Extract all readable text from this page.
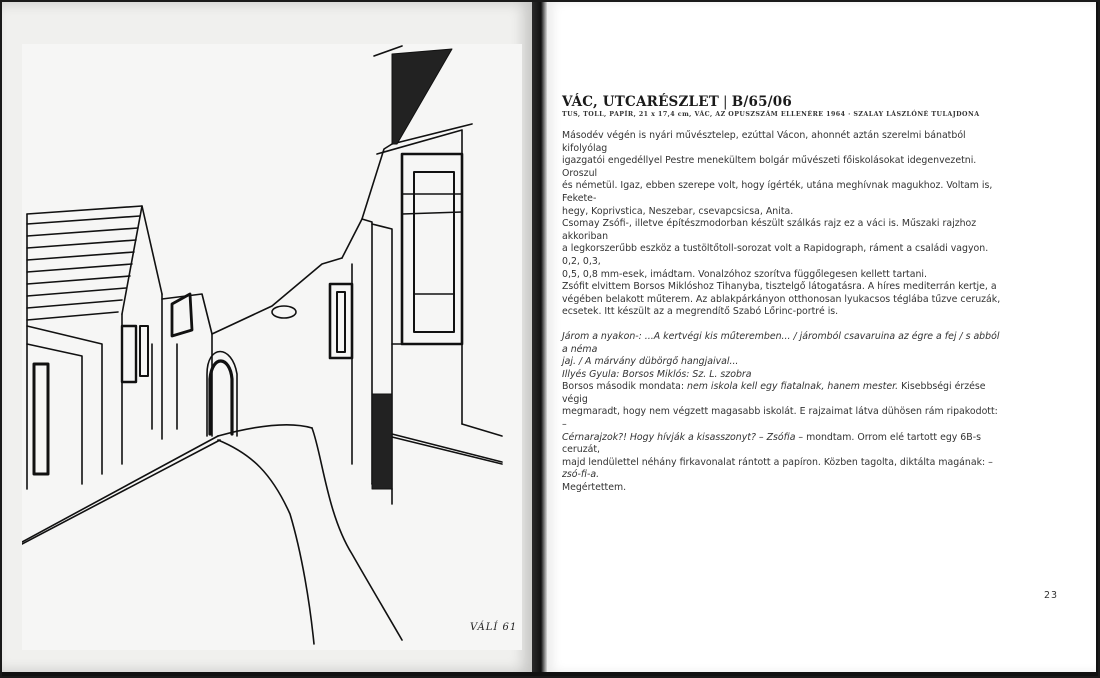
VÁLÍ 61
VÁC, UTCARÉSZLET | B/65/06
TUS, TOLL, PAPÍR, 21 x 17,4 cm, VÁC, AZ OPUSZSZÁM ELLENÉRE 1964 · SZALAY LÁSZLÓNÉ TULAJDONA

Másodév végén is nyári művésztelep, ezúttal Vácon, ahonnét aztán szerelmi bánatból kifolyólag
igazgatói engedéllyel Pestre menekültem bolgár művészeti főiskolásokat idegenvezetni. Oroszul
és németül. Igaz, ebben szerepe volt, hogy ígérték, utána meghívnak magukhoz. Voltam is, Fekete-
hegy, Koprivstica, Neszebar, csevapcsicsa, Anita.
Csomay Zsófi-, illetve építészmodorban készült szálkás rajz ez a váci is. Műszaki rajzhoz akkoriban
a legkorszerűbb eszköz a tustöltőtoll-sorozat volt a Rapidograph, ráment a családi vagyon. 0,2, 0,3,
0,5, 0,8 mm-esek, imádtam. Vonalzóhoz szorítva függőlegesen kellett tartani.
Zsófit elvittem Borsos Miklóshoz Tihanyba, tisztelgő látogatásra. A híres mediterrán kertje, a
végében belakott műterem. Az ablakpárkányon otthonosan lyukacsos téglába tűzve ceruzák,
ecsetek. Itt készült az a megrendítő Szabó Lőrinc-portré is.

Járom a nyakon-: ...A kertvégi kis műteremben... / járomból csavaruina az égre a fej / s abból a néma
jaj. / A márvány dübörgő hangjaival...
Illyés Gyula: Borsos Miklós: Sz. L. szobra
Borsos második mondata: nem iskola kell egy fiatalnak, hanem mester. Kisebbségi érzése végig
megmaradt, hogy nem végzett magasabb iskolát. E rajzaimat látva dühösen rám ripakodott: –
Cérnarajzok?! Hogy hívják a kisasszonyt? – Zsófia – mondtam. Orrom elé tartott egy 6B-s ceruzát,
majd lendülettel néhány firkavonalat rántott a papíron. Közben tagolta, diktálta magának: – zsó-fi-a.
Megértettem.

23
